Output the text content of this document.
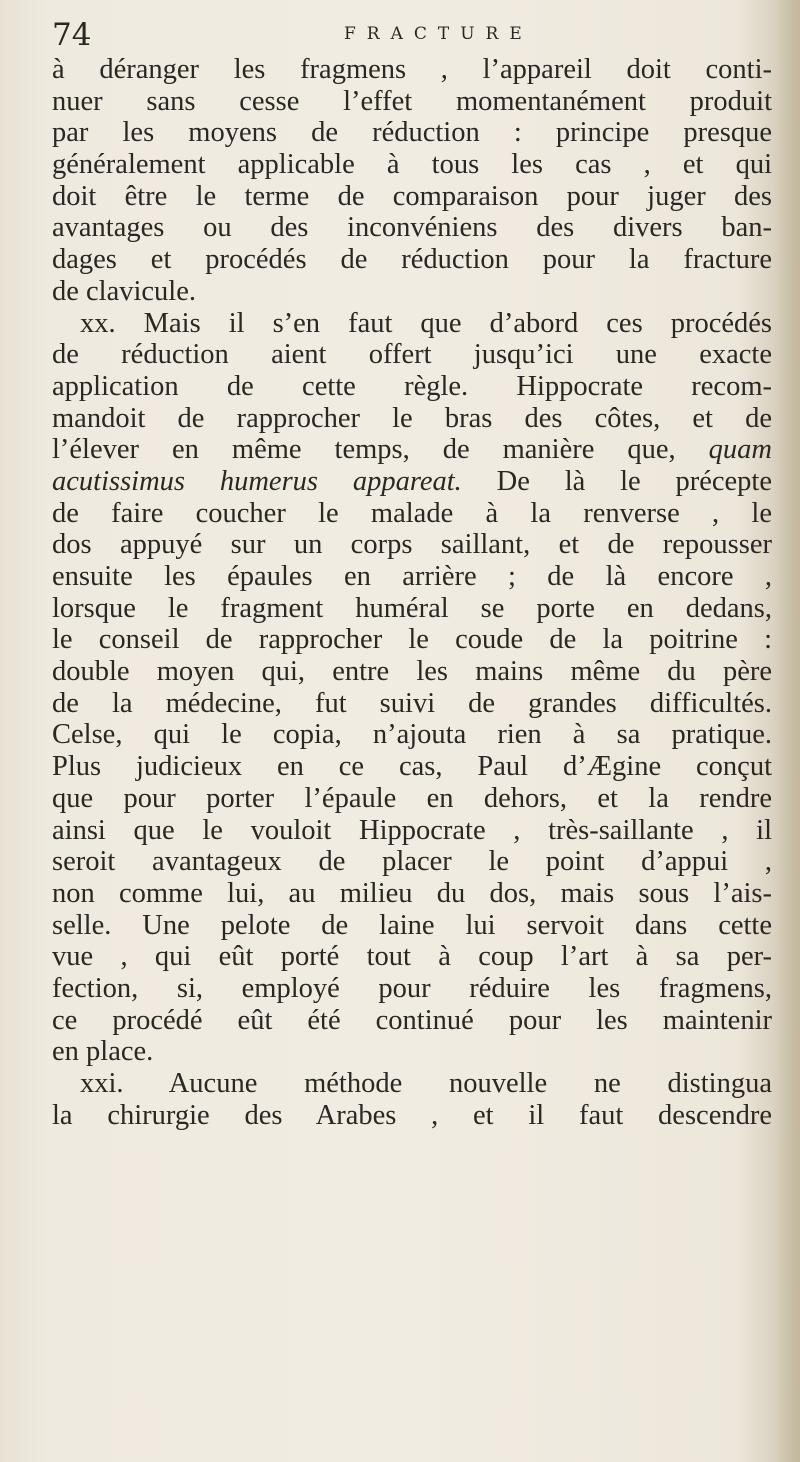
74	FRACTURE
à déranger les fragmens , l’appareil doit conti-
nuer sans cesse l’effet momentanément produit
par les moyens de réduction : principe presque
généralement applicable à tous les cas , et qui
doit être le terme de comparaison pour juger des
avantages ou des inconvéniens des divers ban-
dages et procédés de réduction pour la fracture
de clavicule.
xx. Mais il s’en faut que d’abord ces procédés
de réduction aient offert jusqu’ici une exacte
application de cette règle. Hippocrate recom-
mandoit de rapprocher le bras des côtes, et de
l’élever en même temps, de manière que, quam
acutissimus humerus appareat. De là le précepte
de faire coucher le malade à la renverse , le
dos appuyé sur un corps saillant, et de repousser
ensuite les épaules en arrière ; de là encore ,
lorsque le fragment huméral se porte en dedans,
le conseil de rapprocher le coude de la poitrine :
double moyen qui, entre les mains même du père
de la médecine, fut suivi de grandes difficultés.
Celse, qui le copia, n’ajouta rien à sa pratique.
Plus judicieux en ce cas, Paul d’Ægine conçut
que pour porter l’épaule en dehors, et la rendre
ainsi que le vouloit Hippocrate , très-saillante , il
seroit avantageux de placer le point d’appui ,
non comme lui, au milieu du dos, mais sous l’ais-
selle. Une pelote de laine lui servoit dans cette
vue , qui eût porté tout à coup l’art à sa per-
fection, si, employé pour réduire les fragmens,
ce procédé eût été continué pour les maintenir
en place.
xxi. Aucune méthode nouvelle ne distingua
la chirurgie des Arabes , et il faut descendre
